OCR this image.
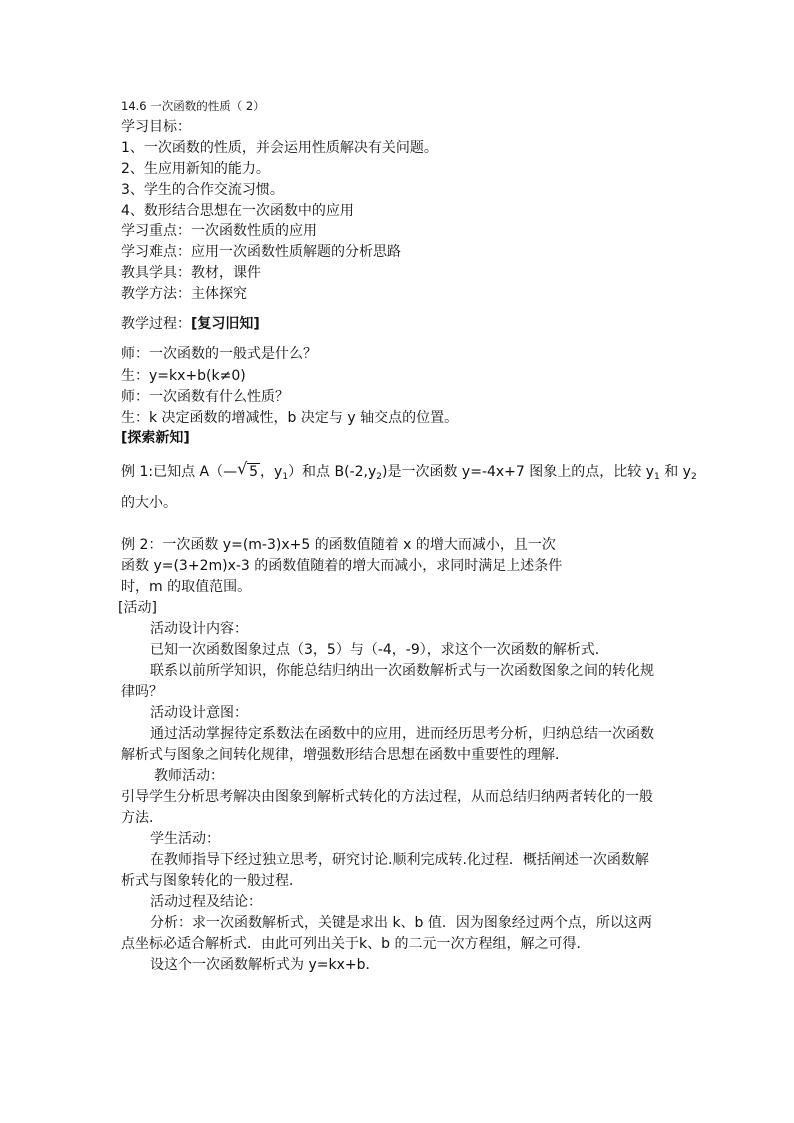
14.6 一次函数的性质（ 2）
学习目标：
1、一次函数的性质，并会运用性质解决有关问题。
2、生应用新知的能力。
3、学生的合作交流习惯。
4、数形结合思想在一次函数中的应用
学习重点：一次函数性质的应用
学习难点：应用一次函数性质解题的分析思路
教具学具：教材，课件
教学方法：主体探究
教学过程：[复习旧知]
师：一次函数的一般式是什么？
生：y=kx+b(k≠0)
师：一次函数有什么性质？
生：k 决定函数的增减性，b 决定与 y 轴交点的位置。
[探索新知]
例 1:已知点 A（— √ 5 ，$y_1$）和点 $B(-2,y_2)$是一次函数 y=-4x+7 图象上的点，比较 $y_1$ 和 $y_2$
的大小。
例 2：一次函数 y=(m-3)x+5 的函数值随着 x 的增大而减小，且一次
函数 y=(3+2m)x-3 的函数值随着的增大而减小，求同时满足上述条件
时，m 的取值范围。
[活动]
活动设计内容：
已知一次函数图象过点（3，5）与（-4，-9），求这个一次函数的解析式．
联系以前所学知识，你能总结归纳出一次函数解析式与一次函数图象之间的转化规
律吗？
活动设计意图：
通过活动掌握待定系数法在函数中的应用，进而经历思考分析，归纳总结一次函数
解析式与图象之间转化规律，增强数形结合思想在函数中重要性的理解．
教师活动：
引导学生分析思考解决由图象到解析式转化的方法过程，从而总结归纳两者转化的一般
方法．
学生活动：
在教师指导下经过独立思考，研究讨论.顺利完成转.化过程．概括阐述一次函数解
析式与图象转化的一般过程．
活动过程及结论：
分析：求一次函数解析式，关键是求出 k、b 值．因为图象经过两个点，所以这两
点坐标必适合解析式．由此可列出关于k、b 的二元一次方程组，解之可得．
设这个一次函数解析式为 y=kx+b．
